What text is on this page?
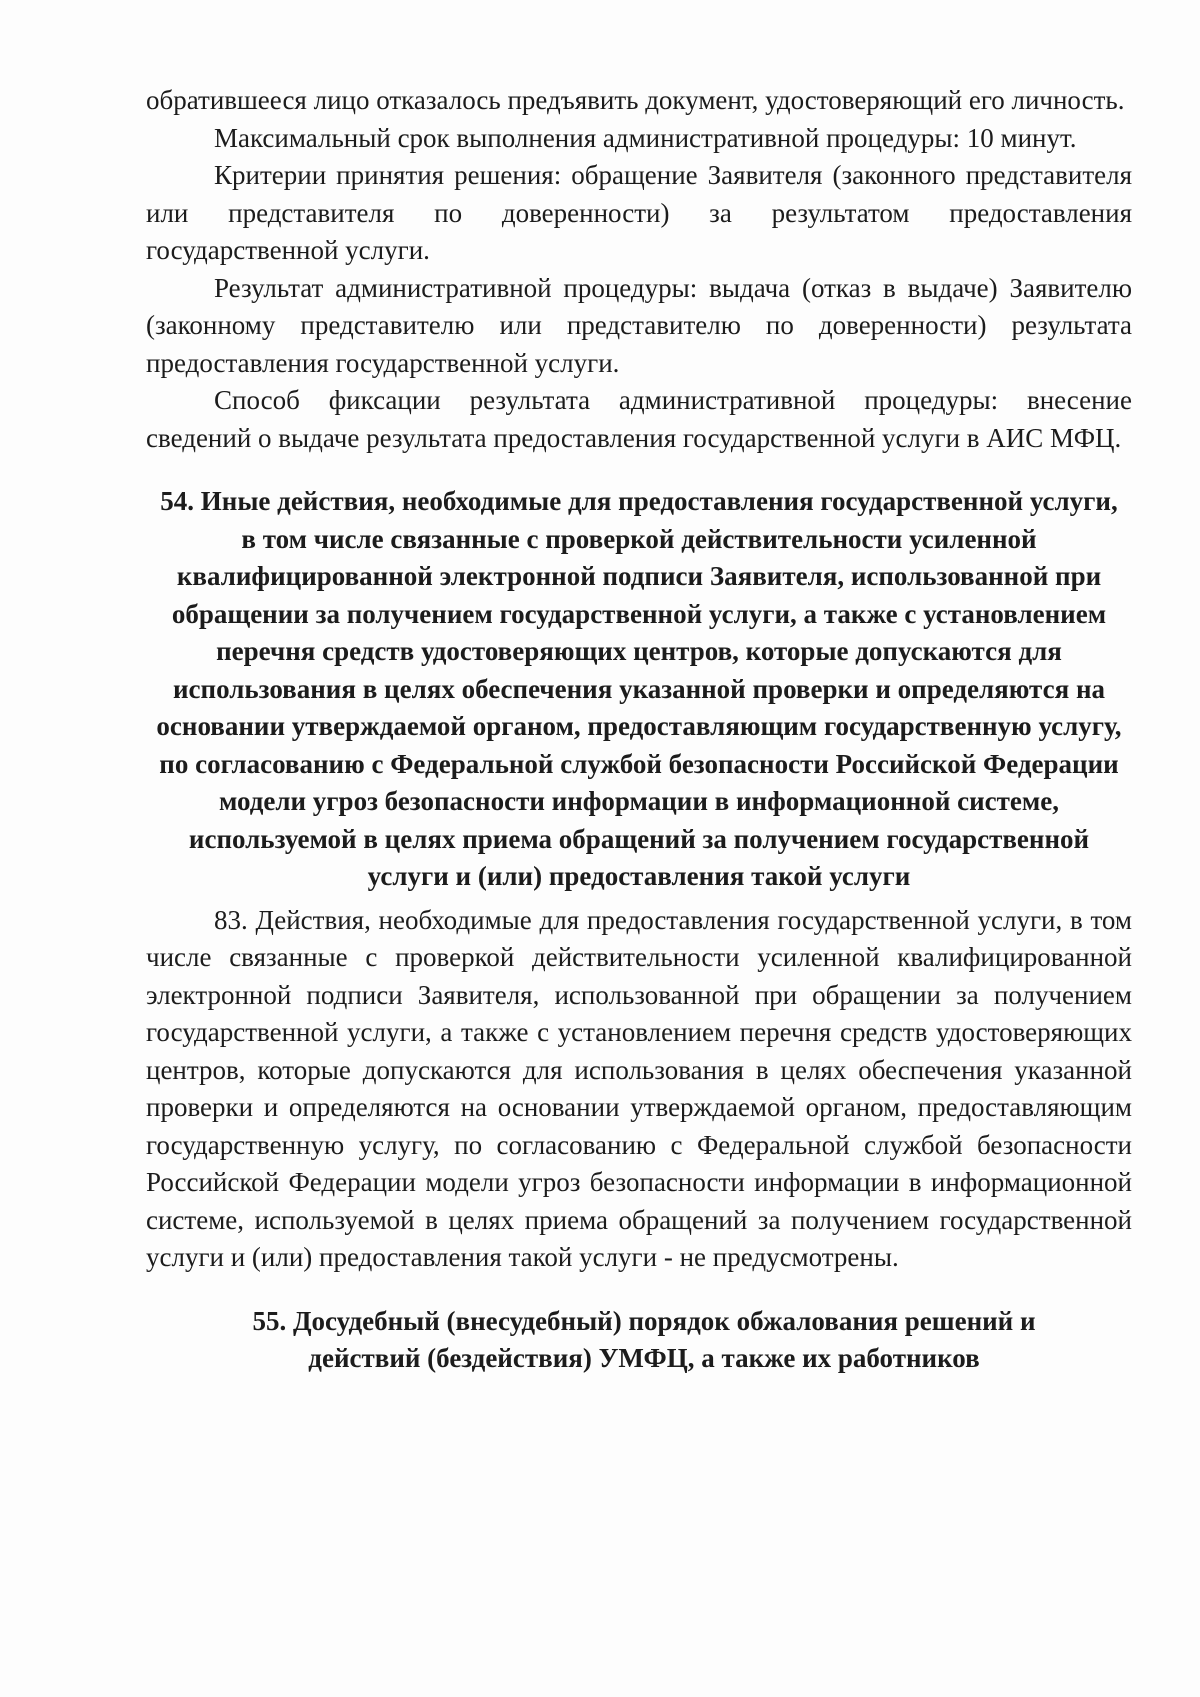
обратившееся лицо отказалось предъявить документ, удостоверяющий его личность.

Максимальный срок выполнения административной процедуры: 10 минут.

Критерии принятия решения: обращение Заявителя (законного представителя или представителя по доверенности) за результатом предоставления государственной услуги.

Результат административной процедуры: выдача (отказ в выдаче) Заявителю (законному представителю или представителю по доверенности) результата предоставления государственной услуги.

Способ фиксации результата административной процедуры: внесение сведений о выдаче результата предоставления государственной услуги в АИС МФЦ.

54. Иные действия, необходимые для предоставления государственной услуги, в том числе связанные с проверкой действительности усиленной квалифицированной электронной подписи Заявителя, использованной при обращении за получением государственной услуги, а также с установлением перечня средств удостоверяющих центров, которые допускаются для использования в целях обеспечения указанной проверки и определяются на основании утверждаемой органом, предоставляющим государственную услугу, по согласованию с Федеральной службой безопасности Российской Федерации модели угроз безопасности информации в информационной системе, используемой в целях приема обращений за получением государственной услуги и (или) предоставления такой услуги

83. Действия, необходимые для предоставления государственной услуги, в том числе связанные с проверкой действительности усиленной квалифицированной электронной подписи Заявителя, использованной при обращении за получением государственной услуги, а также с установлением перечня средств удостоверяющих центров, которые допускаются для использования в целях обеспечения указанной проверки и определяются на основании утверждаемой органом, предоставляющим государственную услугу, по согласованию с Федеральной службой безопасности Российской Федерации модели угроз безопасности информации в информационной системе, используемой в целях приема обращений за получением государственной услуги и (или) предоставления такой услуги - не предусмотрены.

55. Досудебный (внесудебный) порядок обжалования решений и действий (бездействия) УМФЦ, а также их работников
